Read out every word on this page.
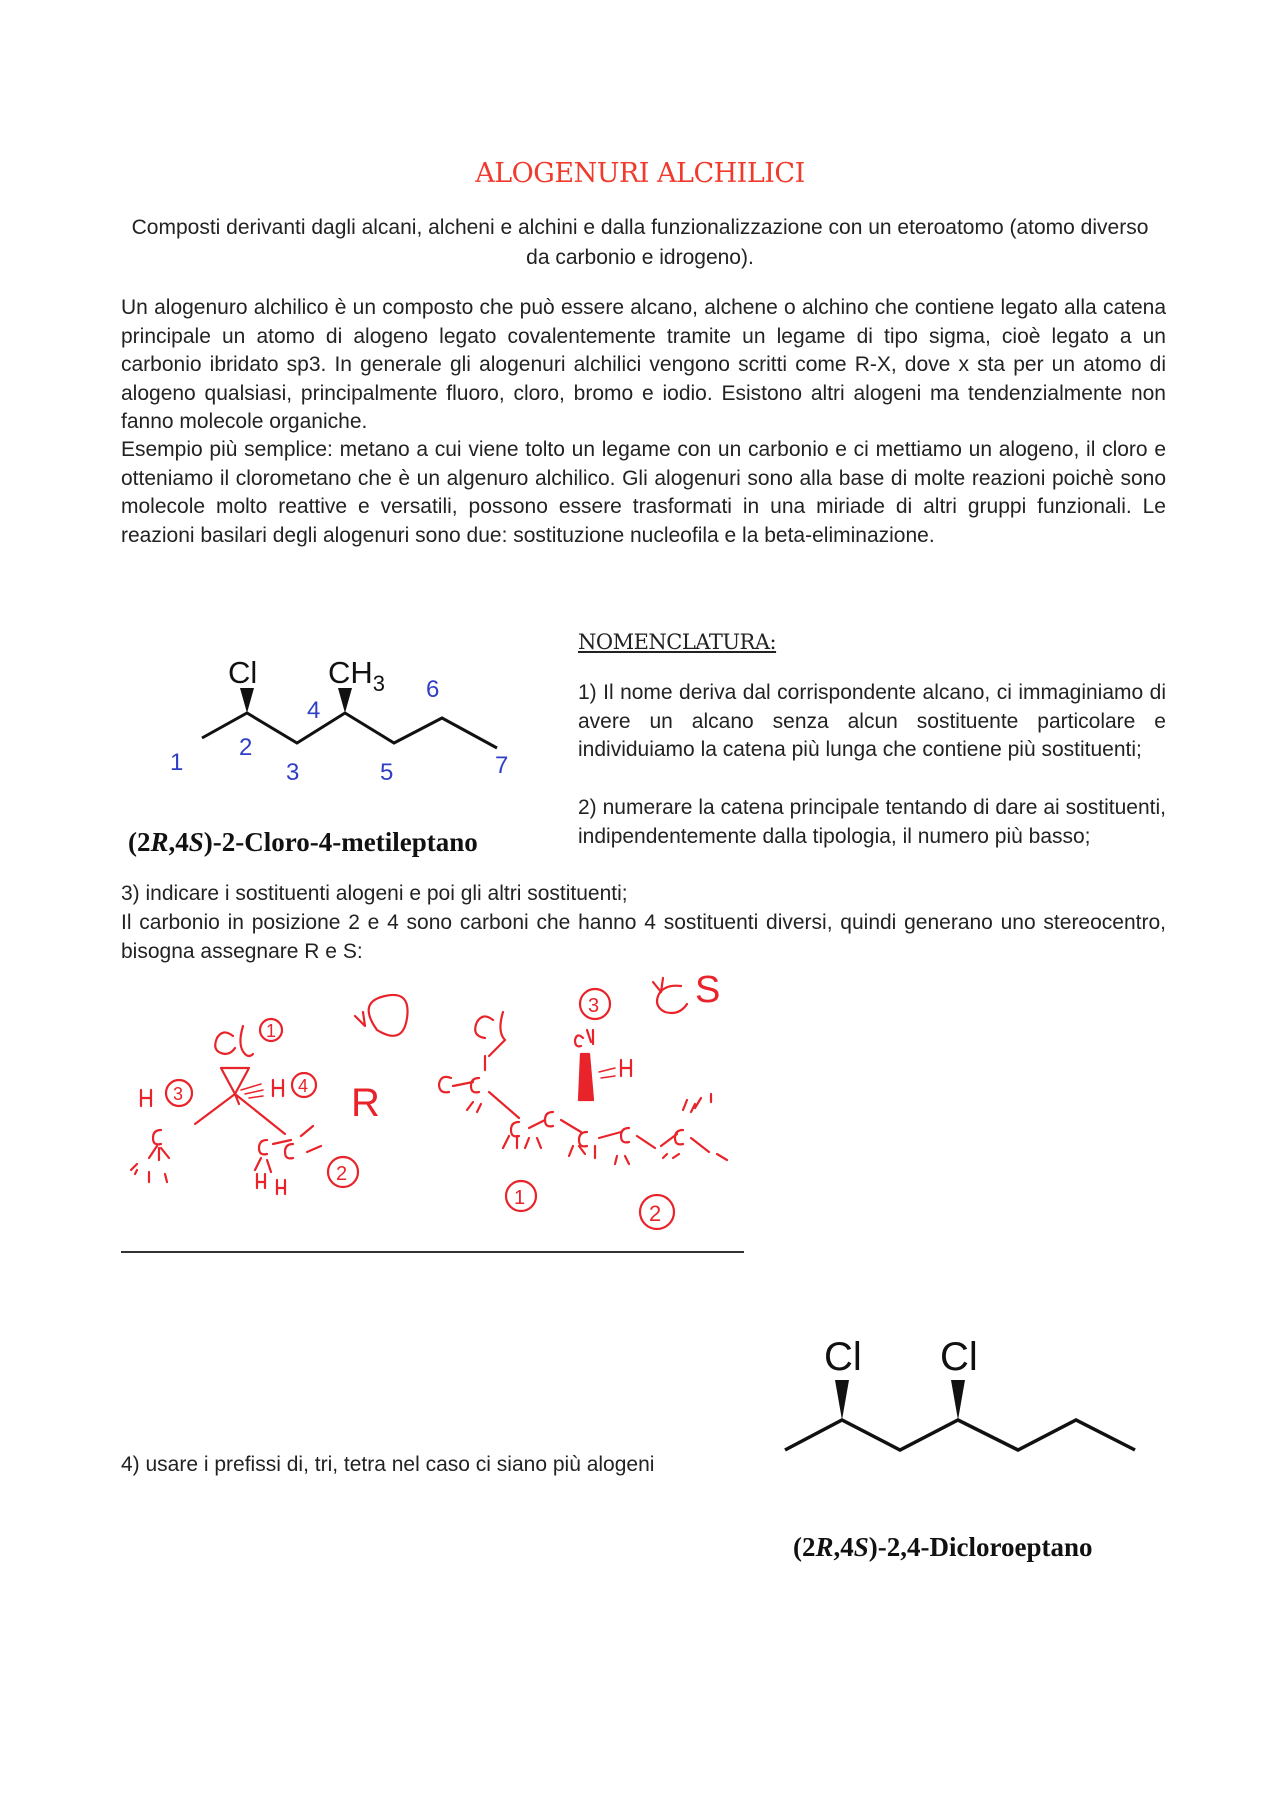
ALOGENURI ALCHILICI
Composti derivanti dagli alcani, alcheni e alchini e dalla funzionalizzazione con un eteroatomo (atomo diverso da carbonio e idrogeno).
Un alogenuro alchilico è un composto che può essere alcano, alchene o alchino che contiene legato alla catena principale un atomo di alogeno legato covalentemente tramite un legame di tipo sigma, cioè legato a un carbonio ibridato sp3. In generale gli alogenuri alchilici vengono scritti come R-X, dove x sta per un atomo di alogeno qualsiasi, principalmente fluoro, cloro, bromo e iodio. Esistono altri alogeni ma tendenzialmente non fanno molecole organiche.
Esempio più semplice: metano a cui viene tolto un legame con un carbonio e ci mettiamo un alogeno, il cloro e otteniamo il clorometano che è un algenuro alchilico. Gli alogenuri sono alla base di molte reazioni poichè sono molecole molto reattive e versatili, possono essere trasformati in una miriade di altri gruppi funzionali. Le reazioni basilari degli alogenuri sono due: sostituzione nucleofila e la beta-eliminazione.
Cl $CH_3$
1
2
3
4
5
6
7
(2R,4S)-2-Cloro-4-metileptano
NOMENCLATURA:
1) Il nome deriva dal corrispondente alcano, ci immaginiamo di avere un alcano senza alcun sostituente particolare e individuiamo la catena più lunga che contiene più sostituenti;
2) numerare la catena principale tentando di dare ai sostituenti, indipendentemente dalla tipologia, il numero più basso;
3) indicare i sostituenti alogeni e poi gli altri sostituenti;
Il carbonio in posizione 2 e 4 sono carboni che hanno 4 sostituenti diversi, quindi generano uno stereocentro, bisogna assegnare R e S:
1
4
3
2
R
3
1
2
S
4) usare i prefissi di, tri, tetra nel caso ci siano più alogeni
Cl Cl
(2R,4S)-2,4-Dicloroeptano
